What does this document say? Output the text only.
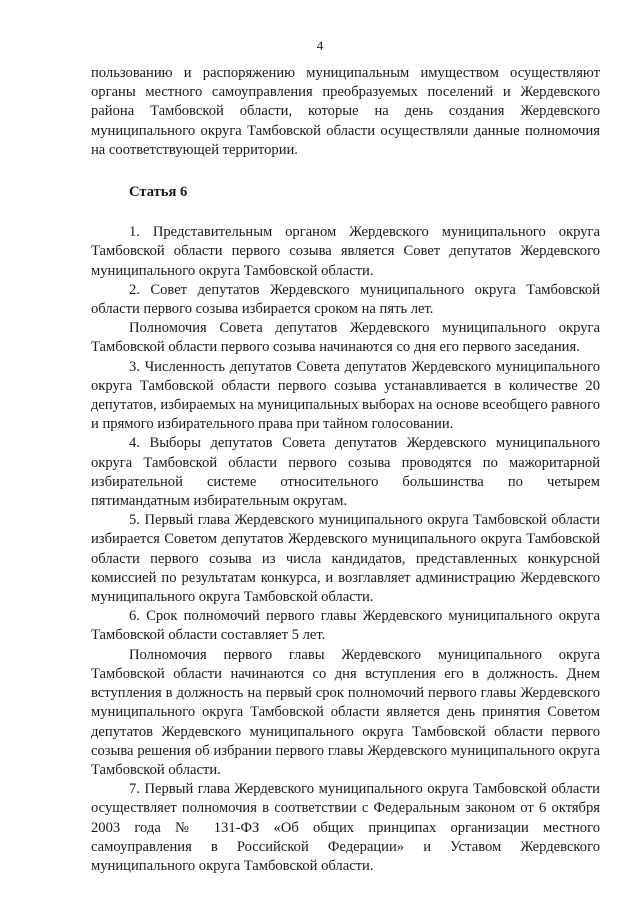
4

пользованию и распоряжению муниципальным имуществом осуществляют органы местного самоуправления преобразуемых поселений и Жердевского района Тамбовской области, которые на день создания Жердевского муниципального округа Тамбовской области осуществляли данные полномочия на соответствующей территории.

Статья 6

1. Представительным органом Жердевского муниципального округа Тамбовской области первого созыва является Совет депутатов Жердевского муниципального округа Тамбовской области.

2. Совет депутатов Жердевского муниципального округа Тамбовской области первого созыва избирается сроком на пять лет.

Полномочия Совета депутатов Жердевского муниципального округа Тамбовской области первого созыва начинаются со дня его первого заседания.

3. Численность депутатов Совета депутатов Жердевского муниципального округа Тамбовской области первого созыва устанавливается в количестве 20 депутатов, избираемых на муниципальных выборах на основе всеобщего равного и прямого избирательного права при тайном голосовании.

4. Выборы депутатов Совета депутатов Жердевского муниципального округа Тамбовской области первого созыва проводятся по мажоритарной избирательной системе относительного большинства по четырем пятимандатным избирательным округам.

5. Первый глава Жердевского муниципального округа Тамбовской области избирается Советом депутатов Жердевского муниципального округа Тамбовской области первого созыва из числа кандидатов, представленных конкурсной комиссией по результатам конкурса, и возглавляет администрацию Жердевского муниципального округа Тамбовской области.

6. Срок полномочий первого главы Жердевского муниципального округа Тамбовской области составляет 5 лет.

Полномочия первого главы Жердевского муниципального округа Тамбовской области начинаются со дня вступления его в должность. Днем вступления в должность на первый срок полномочий первого главы Жердевского муниципального округа Тамбовской области является день принятия Советом депутатов Жердевского муниципального округа Тамбовской области первого созыва решения об избрании первого главы Жердевского муниципального округа Тамбовской области.

7. Первый глава Жердевского муниципального округа Тамбовской области осуществляет полномочия в соответствии с Федеральным законом от 6 октября 2003 года № 131-ФЗ «Об общих принципах организации местного самоуправления в Российской Федерации» и Уставом Жердевского муниципального округа Тамбовской области.
